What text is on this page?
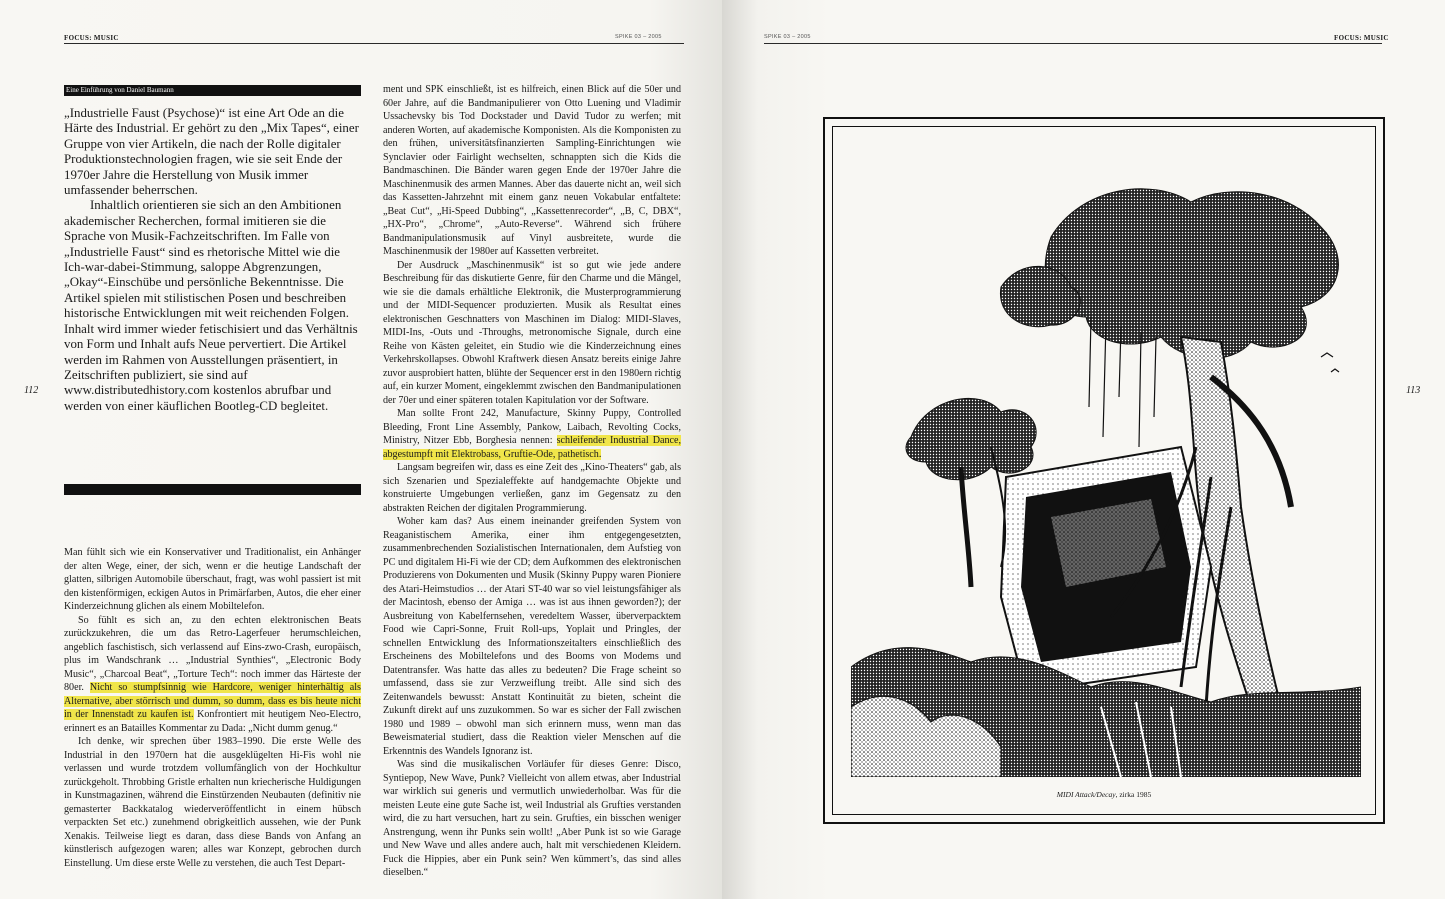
FOCUS: MUSIC	SPIKE 03 – 2005
112
Eine Einführung von Daniel Baumann

„Industrielle Faust (Psychose)“ ist eine Art Ode an die Härte des Industrial. Er gehört zu den „Mix Tapes“, einer Gruppe von vier Artikeln, die nach der Rolle digitaler Produktionstechnologien fragen, wie sie seit Ende der 1970er Jahre die Herstellung von Musik immer umfassender beherrschen.

Inhaltlich orientieren sie sich an den Ambitionen akademischer Recherchen, formal imitieren sie die Sprache von Musik-Fachzeitschriften. Im Falle von „Industrielle Faust“ sind es rhetorische Mittel wie die Ich-war-dabei-Stimmung, saloppe Abgrenzungen, „Okay“-Einschübe und persönliche Bekenntnisse. Die Artikel spielen mit stilistischen Posen und beschreiben historische Entwicklungen mit weit reichenden Folgen. Inhalt wird immer wieder fetischisiert und das Verhältnis von Form und Inhalt aufs Neue pervertiert. Die Artikel werden im Rahmen von Ausstellungen präsentiert, in Zeitschriften publiziert, sie sind auf www.distributedhistory.com kostenlos abrufbar und werden von einer käuflichen Bootleg-CD begleitet.

Man fühlt sich wie ein Konservativer und Traditionalist, ein Anhänger der alten Wege, einer, der sich, wenn er die heutige Landschaft der glatten, silbrigen Automobile überschaut, fragt, was wohl passiert ist mit den kistenförmigen, eckigen Autos in Primärfarben, Autos, die eher einer Kinderzeichnung glichen als einem Mobiltelefon.

So fühlt es sich an, zu den echten elektronischen Beats zurückzukehren, die um das Retro-Lagerfeuer herumschleichen, angeblich faschistisch, sich verlassend auf Eins-zwo-Crash, europäisch, plus im Wandschrank … „Industrial Synthies“, „Electronic Body Music“, „Charcoal Beat“, „Torture Tech“: noch immer das Härteste der 80er. Nicht so stumpfsinnig wie Hardcore, weniger hinterhältig als Alternative, aber störrisch und dumm, so dumm, dass es bis heute nicht in der Innenstadt zu kaufen ist. Konfrontiert mit heutigem Neo-Electro, erinnert es an Batailles Kommentar zu Dada: „Nicht dumm genug.“

Ich denke, wir sprechen über 1983–1990. Die erste Welle des Industrial in den 1970ern hat die ausgeklügelten Hi-Fis wohl nie verlassen und wurde trotzdem vollumfänglich von der Hochkultur zurückgeholt. Throbbing Gristle erhalten nun kriecherische Huldigungen in Kunstmagazinen, während die Einstürzenden Neubauten (definitiv nie gemasterter Backkatalog wiederveröffentlicht in einem hübsch verpackten Set etc.) zunehmend obrigkeitlich aussehen, wie der Punk Xenakis. Teilweise liegt es daran, dass diese Bands von Anfang an künstlerisch aufgezogen waren; alles war Konzept, gebrochen durch Einstellung. Um diese erste Welle zu verstehen, die auch Test Depart-

ment und SPK einschließt, ist es hilfreich, einen Blick auf die 50er und 60er Jahre, auf die Bandmanipulierer von Otto Luening und Vladimir Ussachevsky bis Tod Dockstader und David Tudor zu werfen; mit anderen Worten, auf akademische Komponisten. Als die Komponisten zu den frühen, universitätsfinanzierten Sampling-Einrichtungen wie Synclavier oder Fairlight wechselten, schnappten sich die Kids die Bandmaschinen. Die Bänder waren gegen Ende der 1970er Jahre die Maschinenmusik des armen Mannes. Aber das dauerte nicht an, weil sich das Kassetten-Jahrzehnt mit einem ganz neuen Vokabular entfaltete: „Beat Cut“, „Hi-Speed Dubbing“, „Kassettenrecorder“, „B, C, DBX“, „HX-Pro“, „Chrome“, „Auto-Reverse“. Während sich frühere Bandmanipulationsmusik auf Vinyl ausbreitete, wurde die Maschinenmusik der 1980er auf Kassetten verbreitet.

Der Ausdruck „Maschinenmusik“ ist so gut wie jede andere Beschreibung für das diskutierte Genre, für den Charme und die Mängel, wie sie die damals erhältliche Elektronik, die Musterprogrammierung und der MIDI-Sequencer produzierten. Musik als Resultat eines elektronischen Geschnatters von Maschinen im Dialog: MIDI-Slaves, MIDI-Ins, -Outs und -Throughs, metronomische Signale, durch eine Reihe von Kästen geleitet, ein Studio wie die Kinderzeichnung eines Verkehrskollapses. Obwohl Kraftwerk diesen Ansatz bereits einige Jahre zuvor ausprobiert hatten, blühte der Sequencer erst in den 1980ern richtig auf, ein kurzer Moment, eingeklemmt zwischen den Bandmanipulationen der 70er und einer späteren totalen Kapitulation vor der Software.

Man sollte Front 242, Manufacture, Skinny Puppy, Controlled Bleeding, Front Line Assembly, Pankow, Laibach, Revolting Cocks, Ministry, Nitzer Ebb, Borghesia nennen: schleifender Industrial Dance, abgestumpft mit Elektrobass, Gruftie-Ode, pathetisch.

Langsam begreifen wir, dass es eine Zeit des „Kino-Theaters“ gab, als sich Szenarien und Spezialeffekte auf handgemachte Objekte und konstruierte Umgebungen verließen, ganz im Gegensatz zu den abstrakten Reichen der digitalen Programmierung.

Woher kam das? Aus einem ineinander greifenden System von Reaganistischem Amerika, einer ihm entgegengesetzten, zusammenbrechenden Sozialistischen Internationalen, dem Aufstieg von PC und digitalem Hi-Fi wie der CD; dem Aufkommen des elektronischen Produzierens von Dokumenten und Musik (Skinny Puppy waren Pioniere des Atari-Heimstudios … der Atari ST-40 war so viel leistungsfähiger als der Macintosh, ebenso der Amiga … was ist aus ihnen geworden?); der Ausbreitung von Kabelfernsehen, veredeltem Wasser, überverpacktem Food wie Capri-Sonne, Fruit Roll-ups, Yoplait und Pringles, der schnellen Entwicklung des Informationszeitalters einschließlich des Erscheinens des Mobiltelefons und des Booms von Modems und Datentransfer. Was hatte das alles zu bedeuten? Die Frage scheint so umfassend, dass sie zur Verzweiflung treibt. Alle sind sich des Zeitenwandels bewusst: Anstatt Kontinuität zu bieten, scheint die Zukunft direkt auf uns zuzukommen. So war es sicher der Fall zwischen 1980 und 1989 – obwohl man sich erinnern muss, wenn man das Beweismaterial studiert, dass die Reaktion vieler Menschen auf die Erkenntnis des Wandels Ignoranz ist.

Was sind die musikalischen Vorläufer für dieses Genre: Disco, Syntiepop, New Wave, Punk? Vielleicht von allem etwas, aber Industrial war wirklich sui generis und vermutlich unwiederholbar. Was für die meisten Leute eine gute Sache ist, weil Industrial als Grufties verstanden wird, die zu hart versuchen, hart zu sein. Grufties, ein bisschen weniger Anstrengung, wenn ihr Punks sein wollt! „Aber Punk ist so wie Garage und New Wave und alles andere auch, halt mit verschiedenen Kleidern. Fuck die Hippies, aber ein Punk sein? Wen kümmert’s, das sind alles dieselben.“

SPIKE 03 – 2005	FOCUS: MUSIC
113
MIDI Attack/Decay, zirka 1985
